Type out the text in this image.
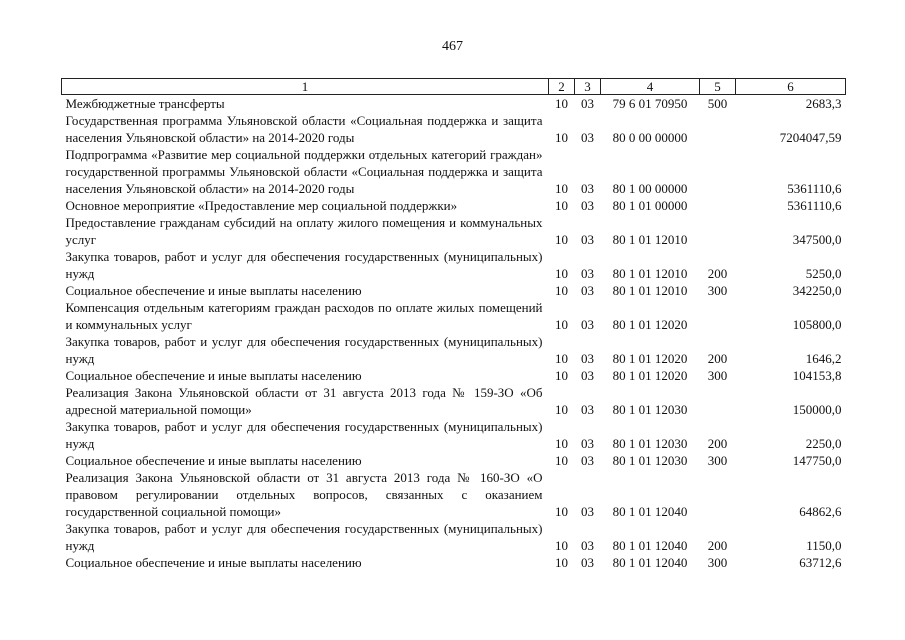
467
1	2	3	4	5	6
Межбюджетные трансферты	10	03	79 6 01 70950	500	2683,3
Государственная программа Ульяновской области «Социальная поддержка и защита населения Ульяновской области» на 2014-2020 годы	10	03	80 0 00 00000		7204047,59
Подпрограмма «Развитие мер социальной поддержки отдельных категорий граждан» государственной программы Ульяновской области «Социальная поддержка и защита населения Ульяновской области» на 2014-2020 годы	10	03	80 1 00 00000		5361110,6
Основное мероприятие «Предоставление мер социальной поддержки»	10	03	80 1 01 00000		5361110,6
Предоставление гражданам субсидий на оплату жилого помещения и коммунальных услуг	10	03	80 1 01 12010		347500,0
Закупка товаров, работ и услуг для обеспечения государственных (муниципальных) нужд	10	03	80 1 01 12010	200	5250,0
Социальное обеспечение и иные выплаты населению	10	03	80 1 01 12010	300	342250,0
Компенсация отдельным категориям граждан расходов по оплате жилых помещений и коммунальных услуг	10	03	80 1 01 12020		105800,0
Закупка товаров, работ и услуг для обеспечения государственных (муниципальных) нужд	10	03	80 1 01 12020	200	1646,2
Социальное обеспечение и иные выплаты населению	10	03	80 1 01 12020	300	104153,8
Реализация Закона Ульяновской области от 31 августа 2013 года № 159-ЗО «Об адресной материальной помощи»	10	03	80 1 01 12030		150000,0
Закупка товаров, работ и услуг для обеспечения государственных (муниципальных) нужд	10	03	80 1 01 12030	200	2250,0
Социальное обеспечение и иные выплаты населению	10	03	80 1 01 12030	300	147750,0
Реализация Закона Ульяновской области от 31 августа 2013 года № 160-ЗО «О правовом регулировании отдельных вопросов, связанных с оказанием государственной социальной помощи»	10	03	80 1 01 12040		64862,6
Закупка товаров, работ и услуг для обеспечения государственных (муниципальных) нужд	10	03	80 1 01 12040	200	1150,0
Социальное обеспечение и иные выплаты населению	10	03	80 1 01 12040	300	63712,6
